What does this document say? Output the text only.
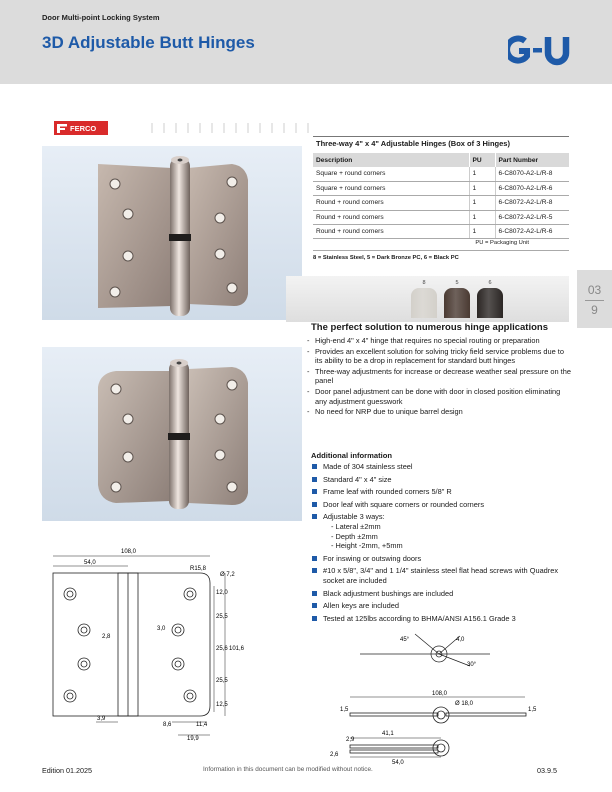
Door Multi-point Locking System
3D Adjustable Butt Hinges
FERCO
Three-way 4" x 4" Adjustable Hinges (Box of 3 Hinges)
Description	PU	Part Number
Square + round corners	1	6-C8070-A2-L/R-8
Square + round corners	1	6-C8070-A2-L/R-6
Round + round corners	1	6-C8072-A2-L/R-8
Round + round corners	1	6-C8072-A2-L/R-5
Round + round corners	1	6-C8072-A2-L/R-6
PU = Packaging Unit
8 = Stainless Steel, 5 = Dark Bronze PC, 6 = Black PC
8	5	6	03
9
The perfect solution to numerous hinge applications
- High-end 4" x 4" hinge that requires no special routing or preparation
- Provides an excellent solution for solving tricky field service problems due to its ability to be a drop in replacement for standard butt hinges
- Three-way adjustments for increase or decrease weather seal pressure on the panel
- Door panel adjustment can be done with door in closed position eliminating any adjustment guesswork
- No need for NRP due to unique barrel design
Additional information
Made of 304 stainless steel
Standard 4" x 4" size
Frame leaf with rounded corners 5/8" R
Door leaf with square corners or rounded corners
Adjustable 3 ways:
- Lateral ±2mm
- Depth ±2mm
- Height -2mm, +5mm
For inswing or outswing doors
#10 x 5/8", 3/4" and 1 1/4" stainless steel flat head screws with Quadrex socket are included
Black adjustment bushings are included
Allen keys are included
Tested at 125lbs according to BHMA/ANSI A156.1 Grade 3
108,0
54,0
R15,8
Ø 7,2
12,0
25,5
25,6
25,5
12,5
101,6
2,8
3,0
3,9
8,6	11,4
19,9
45°	4,0
30°
108,0
Ø 18,0
1,5	1,5
2,9
41,1
2,6
54,0
Edition 01.2025	Information in this document can be modified without notice.	03.9.5
